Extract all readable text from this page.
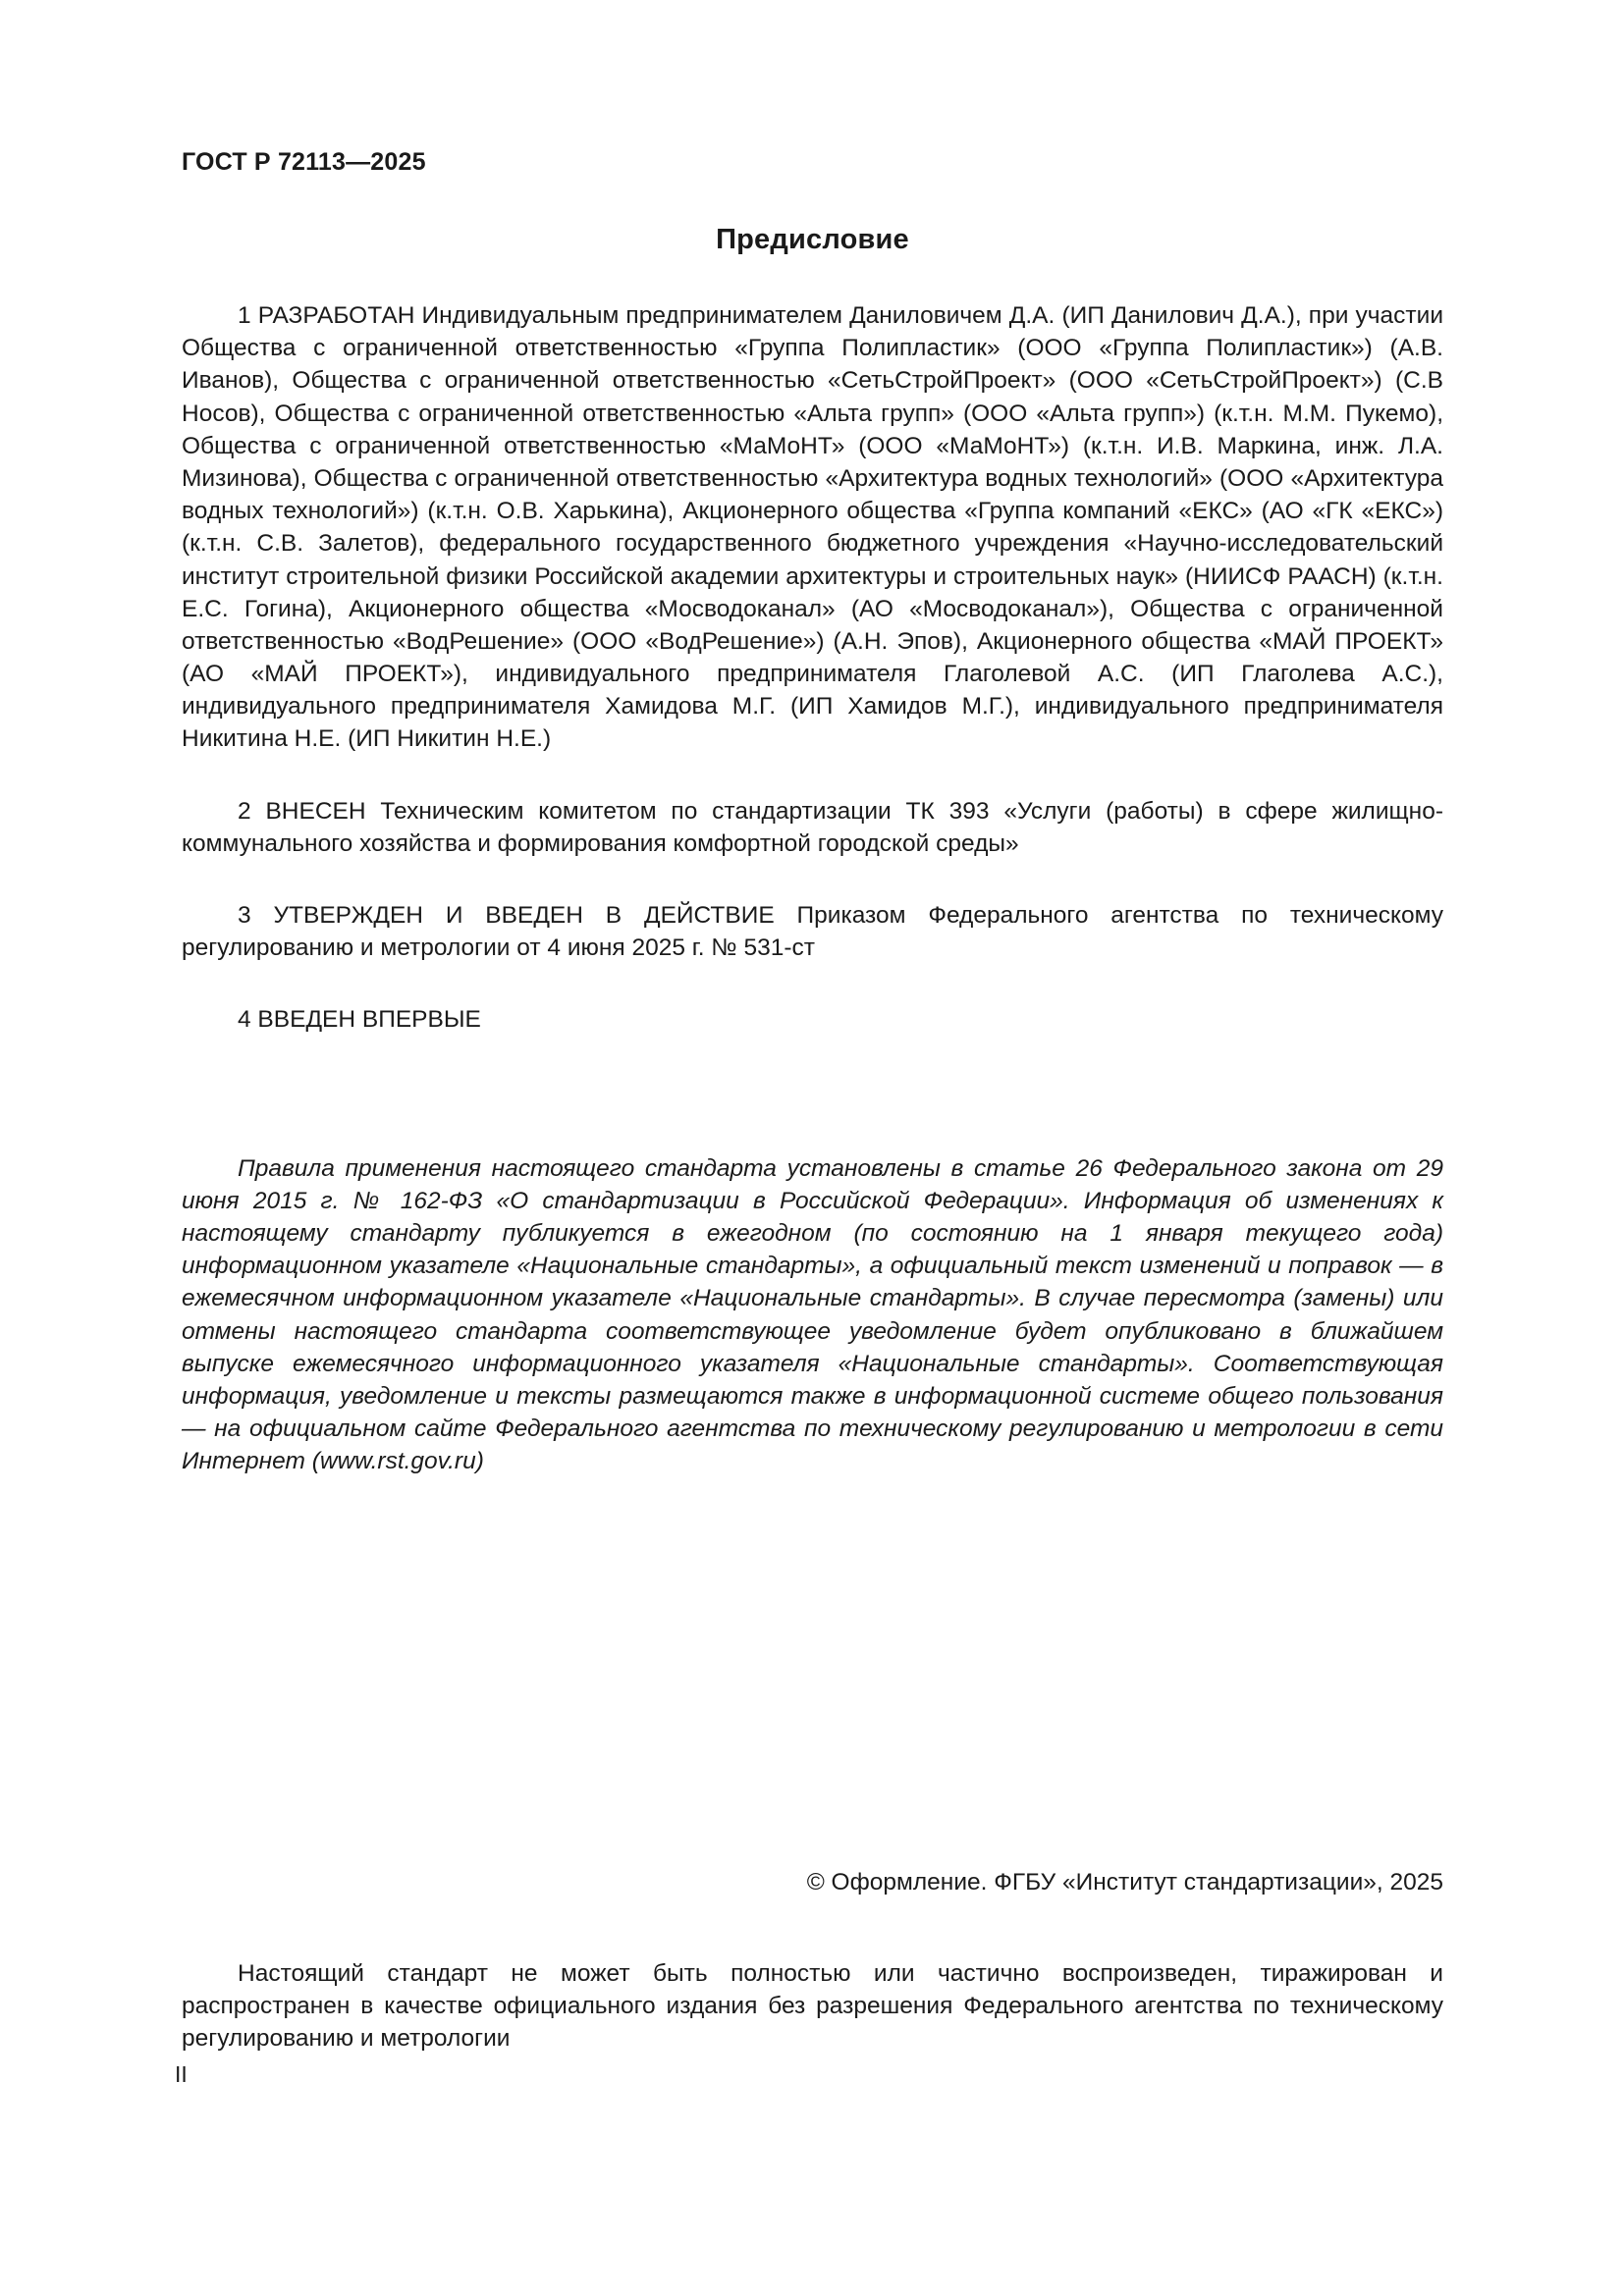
ГОСТ Р 72113—2025
Предисловие

1 РАЗРАБОТАН Индивидуальным предпринимателем Даниловичем Д.А. (ИП Данилович Д.А.), при участии Общества с ограниченной ответственностью «Группа Полипластик» (ООО «Группа Полипластик») (А.В. Иванов), Общества с ограниченной ответственностью «СетьСтройПроект» (ООО «СетьСтройПроект») (С.В Носов), Общества с ограниченной ответственностью «Альта групп» (ООО «Альта групп») (к.т.н. М.М. Пукемо), Общества с ограниченной ответственностью «МаМоНТ» (ООО «МаМоНТ») (к.т.н. И.В. Маркина, инж. Л.А. Мизинова), Общества с ограниченной ответственностью «Архитектура водных технологий» (ООО «Архитектура водных технологий») (к.т.н. О.В. Харькина), Акционерного общества «Группа компаний «ЕКС» (АО «ГК «ЕКС») (к.т.н. С.В. Залетов), федерального государственного бюджетного учреждения «Научно-исследовательский институт строительной физики Российской академии архитектуры и строительных наук» (НИИСФ РААСН) (к.т.н. Е.С. Гогина), Акционерного общества «Мосводоканал» (АО «Мосводоканал»), Общества с ограниченной ответственностью «ВодРешение» (ООО «ВодРешение») (А.Н. Эпов), Акционерного общества «МАЙ ПРОЕКТ» (АО «МАЙ ПРОЕКТ»), индивидуального предпринимателя Глаголевой А.С. (ИП Глаголева А.С.), индивидуального предпринимателя Хамидова М.Г. (ИП Хамидов М.Г.), индивидуального предпринимателя Никитина Н.Е. (ИП Никитин Н.Е.)

2 ВНЕСЕН Техническим комитетом по стандартизации ТК 393 «Услуги (работы) в сфере жилищно-коммунального хозяйства и формирования комфортной городской среды»

3 УТВЕРЖДЕН И ВВЕДЕН В ДЕЙСТВИЕ Приказом Федерального агентства по техническому регулированию и метрологии от 4 июня 2025 г. № 531-ст

4 ВВЕДЕН ВПЕРВЫЕ

Правила применения настоящего стандарта установлены в статье 26 Федерального закона от 29 июня 2015 г. № 162-ФЗ «О стандартизации в Российской Федерации». Информация об изменениях к настоящему стандарту публикуется в ежегодном (по состоянию на 1 января текущего года) информационном указателе «Национальные стандарты», а официальный текст изменений и поправок — в ежемесячном информационном указателе «Национальные стандарты». В случае пересмотра (замены) или отмены настоящего стандарта соответствующее уведомление будет опубликовано в ближайшем выпуске ежемесячного информационного указателя «Национальные стандарты». Соответствующая информация, уведомление и тексты размещаются также в информационной системе общего пользования — на официальном сайте Федерального агентства по техническому регулированию и метрологии в сети Интернет (www.rst.gov.ru)

© Оформление. ФГБУ «Институт стандартизации», 2025
Настоящий стандарт не может быть полностью или частично воспроизведен, тиражирован и распространен в качестве официального издания без разрешения Федерального агентства по техническому регулированию и метрологии
II
